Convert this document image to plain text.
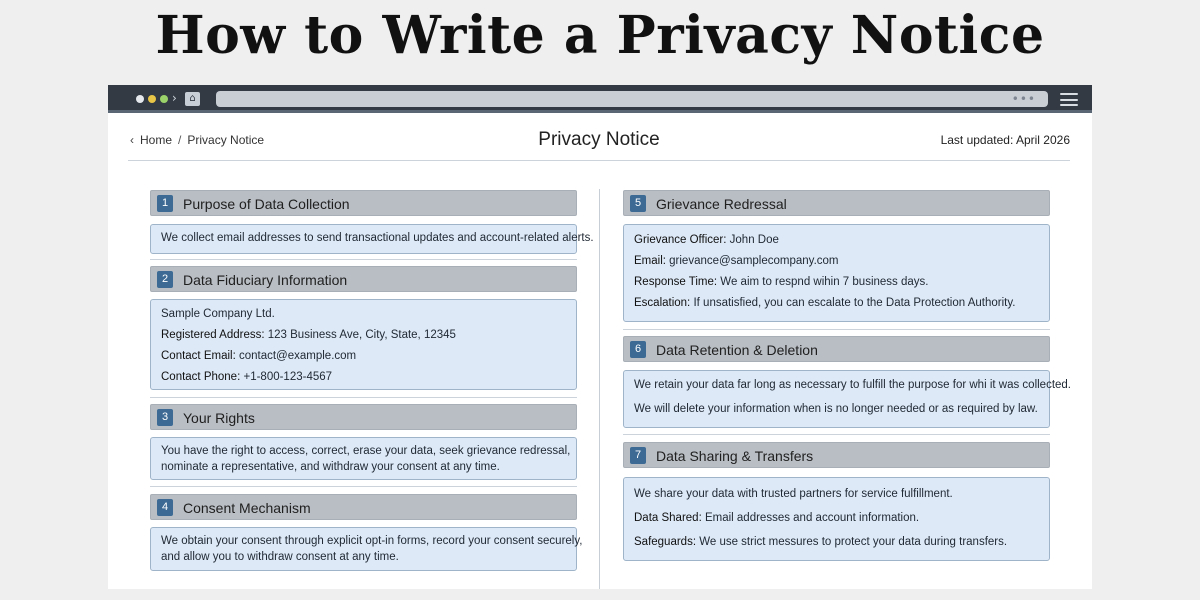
How to Write a Privacy Notice
›	⌂	•••
‹ Home / Privacy Notice	Privacy Notice	Last updated: April 2026
1	Purpose of Data Collection

We collect email addresses to send transactional updates and account-related alerts.

2	Data Fiduciary Information

Sample Company Ltd.

Registered Address: 123 Business Ave, City, State, 12345

Contact Email: contact@example.com

Contact Phone: +1-800-123-4567

3	Your Rights

You have the right to access, correct, erase your data, seek grievance redressal,

nominate a representative, and withdraw your consent at any time.

4	Consent Mechanism

We obtain your consent through explicit opt-in forms, record your consent securely,

and allow you to withdraw consent at any time.

5	Grievance Redressal

Grievance Officer: John Doe

Email: grievance@samplecompany.com

Response Time: We aim to respnd wihin 7 business days.

Escalation: If unsatisfied, you can escalate to the Data Protection Authority.

6	Data Retention & Deletion

We retain your data far long as necessary to fulfill the purpose for whi it was collected.

We will delete your information when is no longer needed or as required by law.

7	Data Sharing & Transfers

We share your data with trusted partners for service fulfillment.

Data Shared: Email addresses and account information.

Safeguards: We use strict messures to protect your data during transfers.
